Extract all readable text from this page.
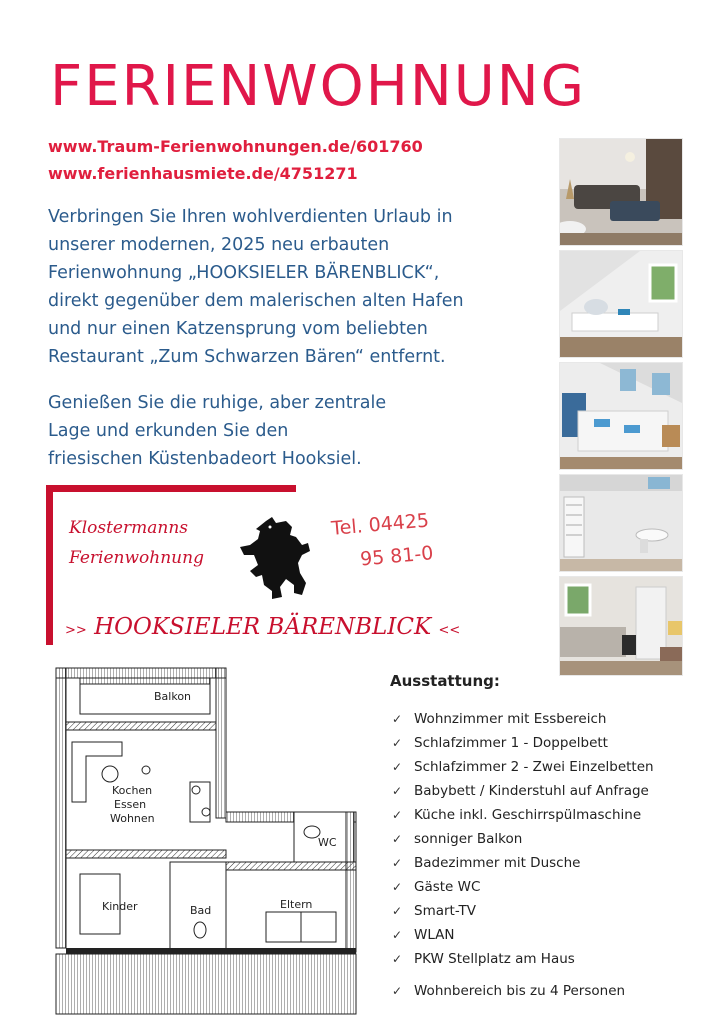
FERIENWOHNUNG
www.Traum-Ferienwohnungen.de/601760
www.ferienhausmiete.de/4751271
Verbringen Sie Ihren wohlverdienten Urlaub in
unserer modernen, 2025 neu erbauten
Ferienwohnung „HOOKSIELER BÄRENBLICK“,
direkt gegenüber dem malerischen alten Hafen
und nur einen Katzensprung vom beliebten
Restaurant „Zum Schwarzen Bären“ entfernt.
Genießen Sie die ruhige, aber zentrale
Lage und erkunden Sie den
friesischen Küstenbadeort Hooksiel.
Klostermanns
Ferienwohnung
Tel. 04425
95 81-0
>> HOOKSIELER BÄRENBLICK <<
Balkon
Kochen
Essen
Wohnen
WC
Kinder	Bad	Eltern
Ausstattung:
✓ Wohnzimmer mit Essbereich
✓ Schlafzimmer 1 - Doppelbett
✓ Schlafzimmer 2 - Zwei Einzelbetten
✓ Babybett / Kinderstuhl auf Anfrage
✓ Küche inkl. Geschirrspülmaschine
✓ sonniger Balkon
✓ Badezimmer mit Dusche
✓ Gäste WC
✓ Smart-TV
✓ WLAN
✓ PKW Stellplatz am Haus
✓ Wohnbereich bis zu 4 Personen
